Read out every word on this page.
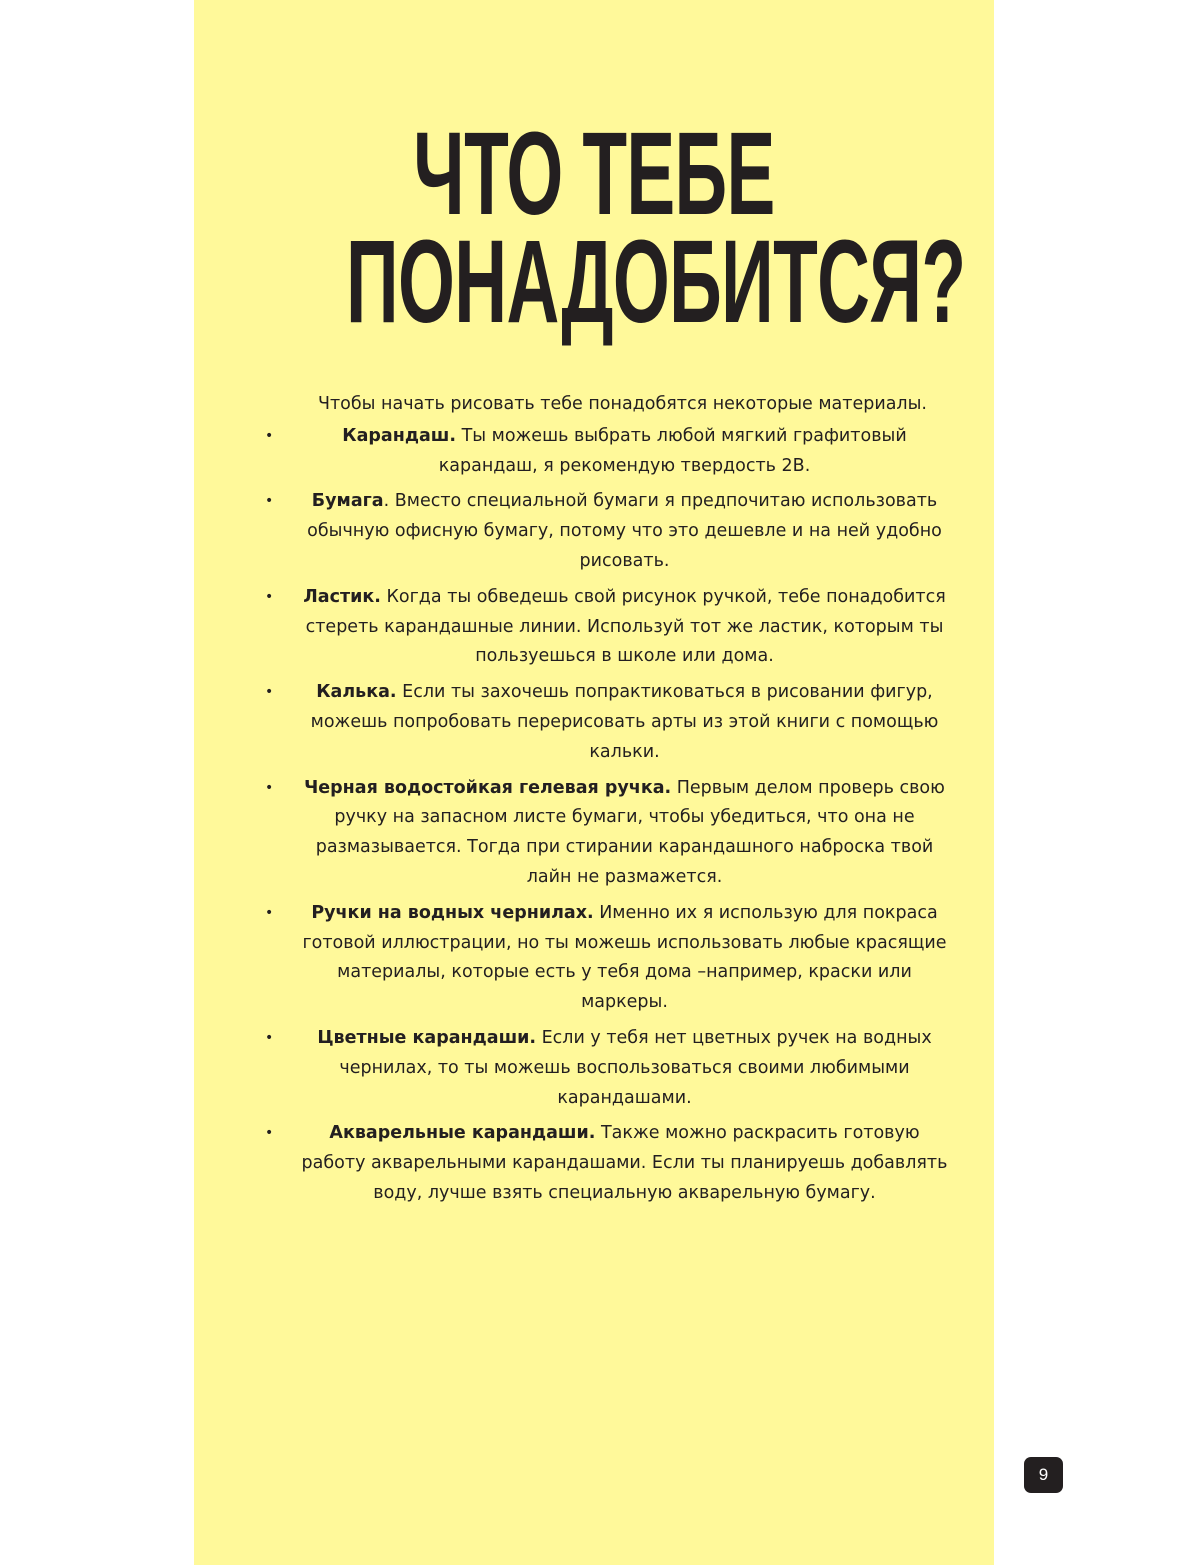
ЧТО ТЕБЕ
ПОНАДОБИТСЯ?

Чтобы начать рисовать тебе понадобятся некоторые материалы.

•	Карандаш. Ты можешь выбрать любой мягкий графитовый карандаш, я рекомендую твердость 2B.
• Бумага. Вместо специальной бумаги я предпочитаю использовать обычную офисную бумагу, потому что это дешевле и на ней удобно рисовать.
• Ластик. Когда ты обведешь свой рисунок ручкой, тебе понадобится стереть карандашные линии. Используй тот же ластик, которым ты пользуешься в школе или дома.
• Калька. Если ты захочешь попрактиковаться в рисовании фигур, можешь попробовать перерисовать арты из этой книги с помощью кальки.
• Черная водостойкая гелевая ручка. Первым делом проверь свою ручку на запасном листе бумаги, чтобы убедиться, что она не размазывается. Тогда при стирании карандашного наброска твой лайн не размажется.
• Ручки на водных чернилах. Именно их я использую для покраса готовой иллюстрации, но ты можешь использовать любые красящие материалы, которые есть у тебя дома –например, краски или маркеры.
•	Цветные карандаши. Если у тебя нет цветных ручек на водных чернилах, то ты можешь воспользоваться своими любимыми карандашами.
•	Акварельные карандаши. Также можно раскрасить готовую работу акварельными карандашами. Если ты планируешь добавлять воду, лучше взять специальную акварельную бумагу.
9
